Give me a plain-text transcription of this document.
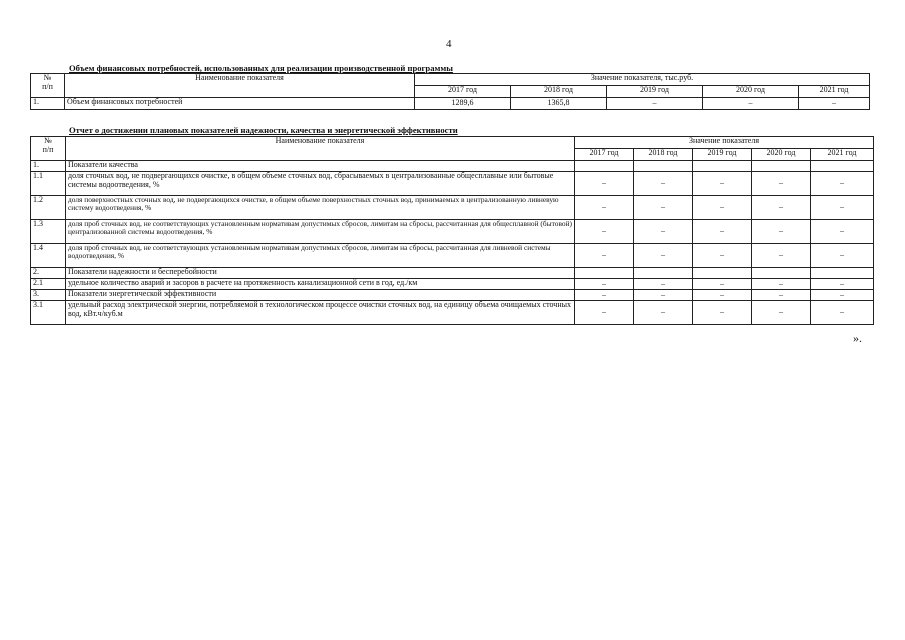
4
Объем финансовых потребностей, использованных для реализации производственной программы
№
п/п	Наименование показателя	Значение показателя, тыс.руб.				
		2017 год	2018 год	2019 год	2020 год	2021 год
1.	Объем финансовых потребностей	1289,6	1365,8	–	–	–
Отчет о достижении плановых показателей надежности, качества и энергетической эффективности
№
п/п	Наименование показателя	Значение показателя				
		2017 год	2018 год	2019 год	2020 год	2021 год
1.	Показатели качества					
1.1	доля сточных вод, не подвергающихся очистке, в общем объеме сточных вод, сбрасываемых в централизованные общесплавные или бытовые системы водоотведения, %	–	–	–	–	–
1.2	доля поверхностных сточных вод, не подвергающихся очистке, в общем объеме поверхностных сточных вод, принимаемых в централизованную ливневую систему водоотведения, %	–	–	–	–	–
1.3	доля проб сточных вод, не соответствующих установленным нормативам допустимых сбросов, лимитам на сбросы, рассчитанная для общесплавной (бытовой) централизованной системы водоотведения, %	–	–	–	–	–
1.4	доля проб сточных вод, не соответствующих установленным нормативам допустимых сбросов, лимитам на сбросы, рассчитанная для ливневой системы водоотведения, %	–	–	–	–	–
2.	Показатели надежности и бесперебойности					
2.1	удельное количество аварий и засоров в расчете на протяженность канализационной сети в год, ед./км	–	–	–	–	–
3.	Показатели энергетической эффективности	–	–	–	–	–
3.1	удельный расход электрической энергии, потребляемой в технологическом процессе очистки сточных вод, на единицу объема очищаемых сточных вод, кВт.ч/куб.м	–	–	–	–	–
».
